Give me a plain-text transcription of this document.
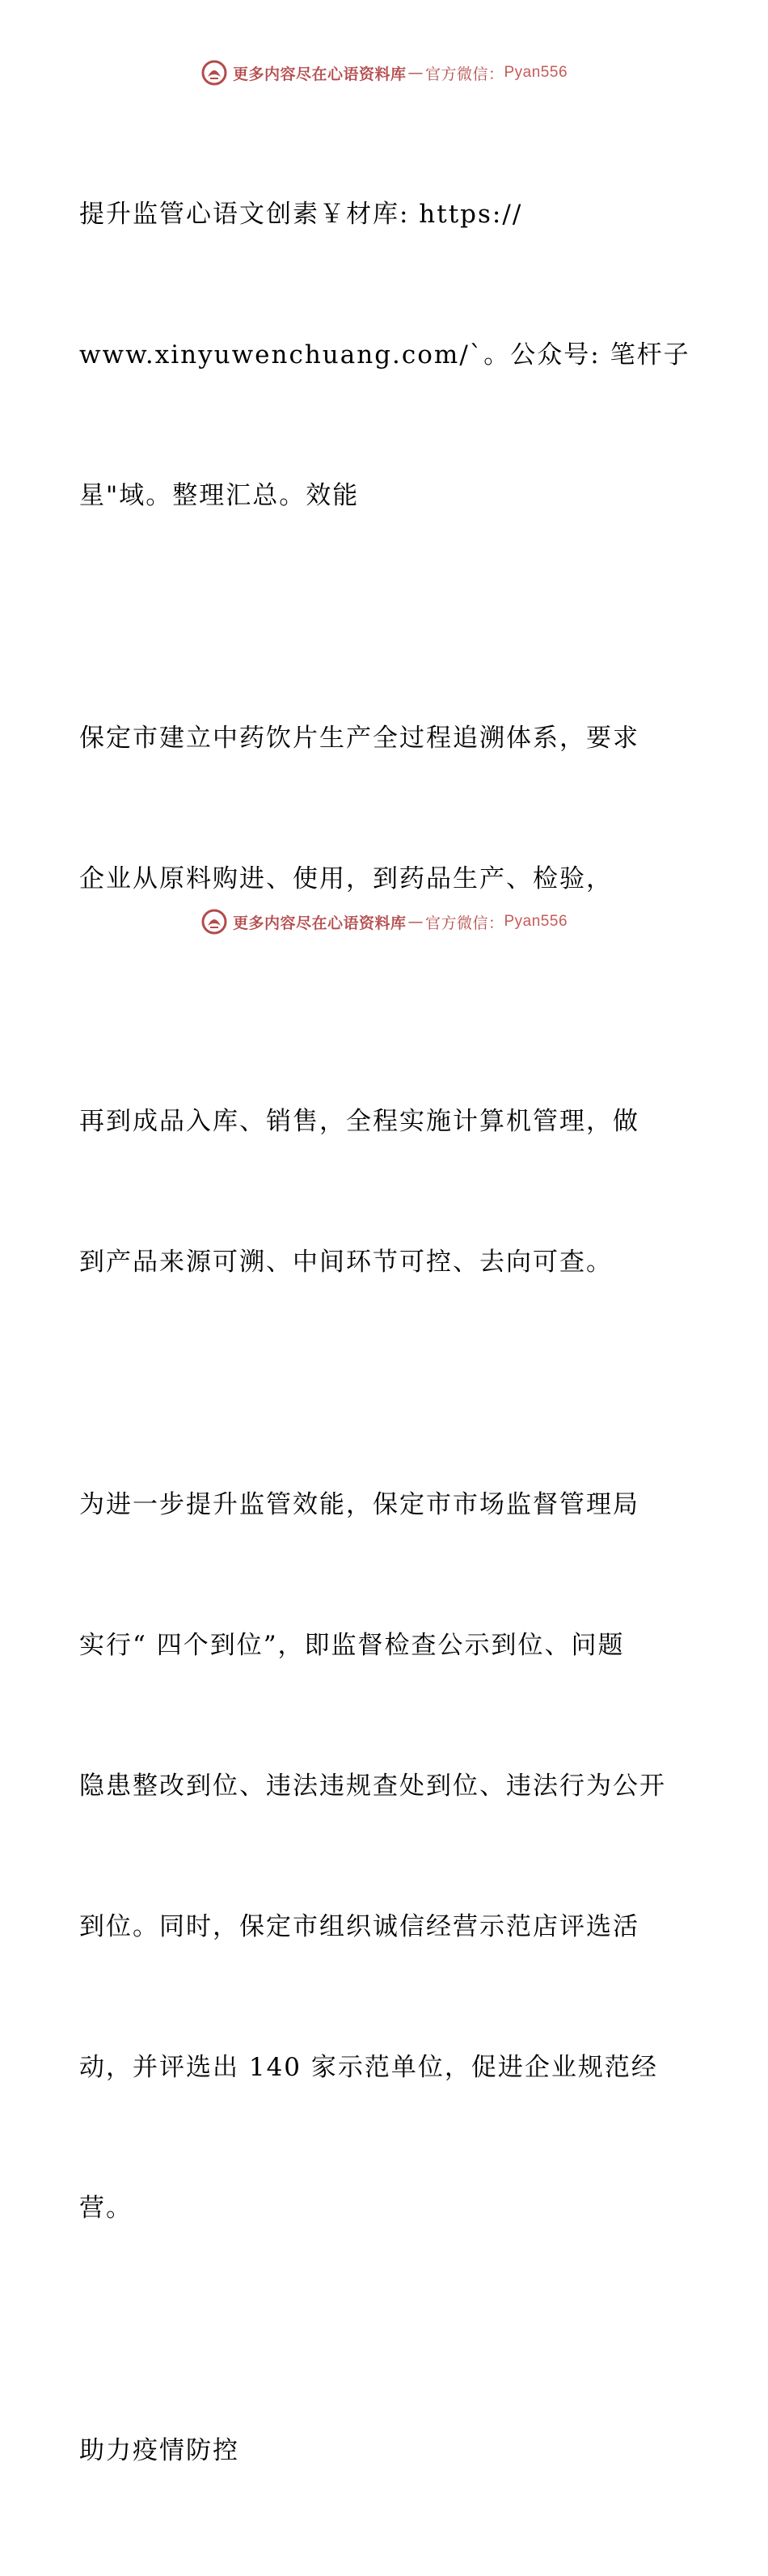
更多内容尽在心语资料库 — 官方微信： Pyan556

提升监管心语文创素￥材库: https://

www.xinyuwenchuang.com/`。公众号: 笔杆子

星"域。整理汇总。效能

保定市建立中药饮片生产全过程追溯体系，要求

企业从原料购进、使用，到药品生产、检验，

再到成品入库、销售，全程实施计算机管理，做

到产品来源可溯、中间环节可控、去向可查。

为进一步提升监管效能，保定市市场监督管理局

实行“ 四个到位”，即监督检查公示到位、问题

隐患整改到位、违法违规查处到位、违法行为公开

到位。同时，保定市组织诚信经营示范店评选活

动，并评选出 140 家示范单位，促进企业规范经

营。

助力疫情防控

更多内容尽在心语资料库 — 官方微信： Pyan556
